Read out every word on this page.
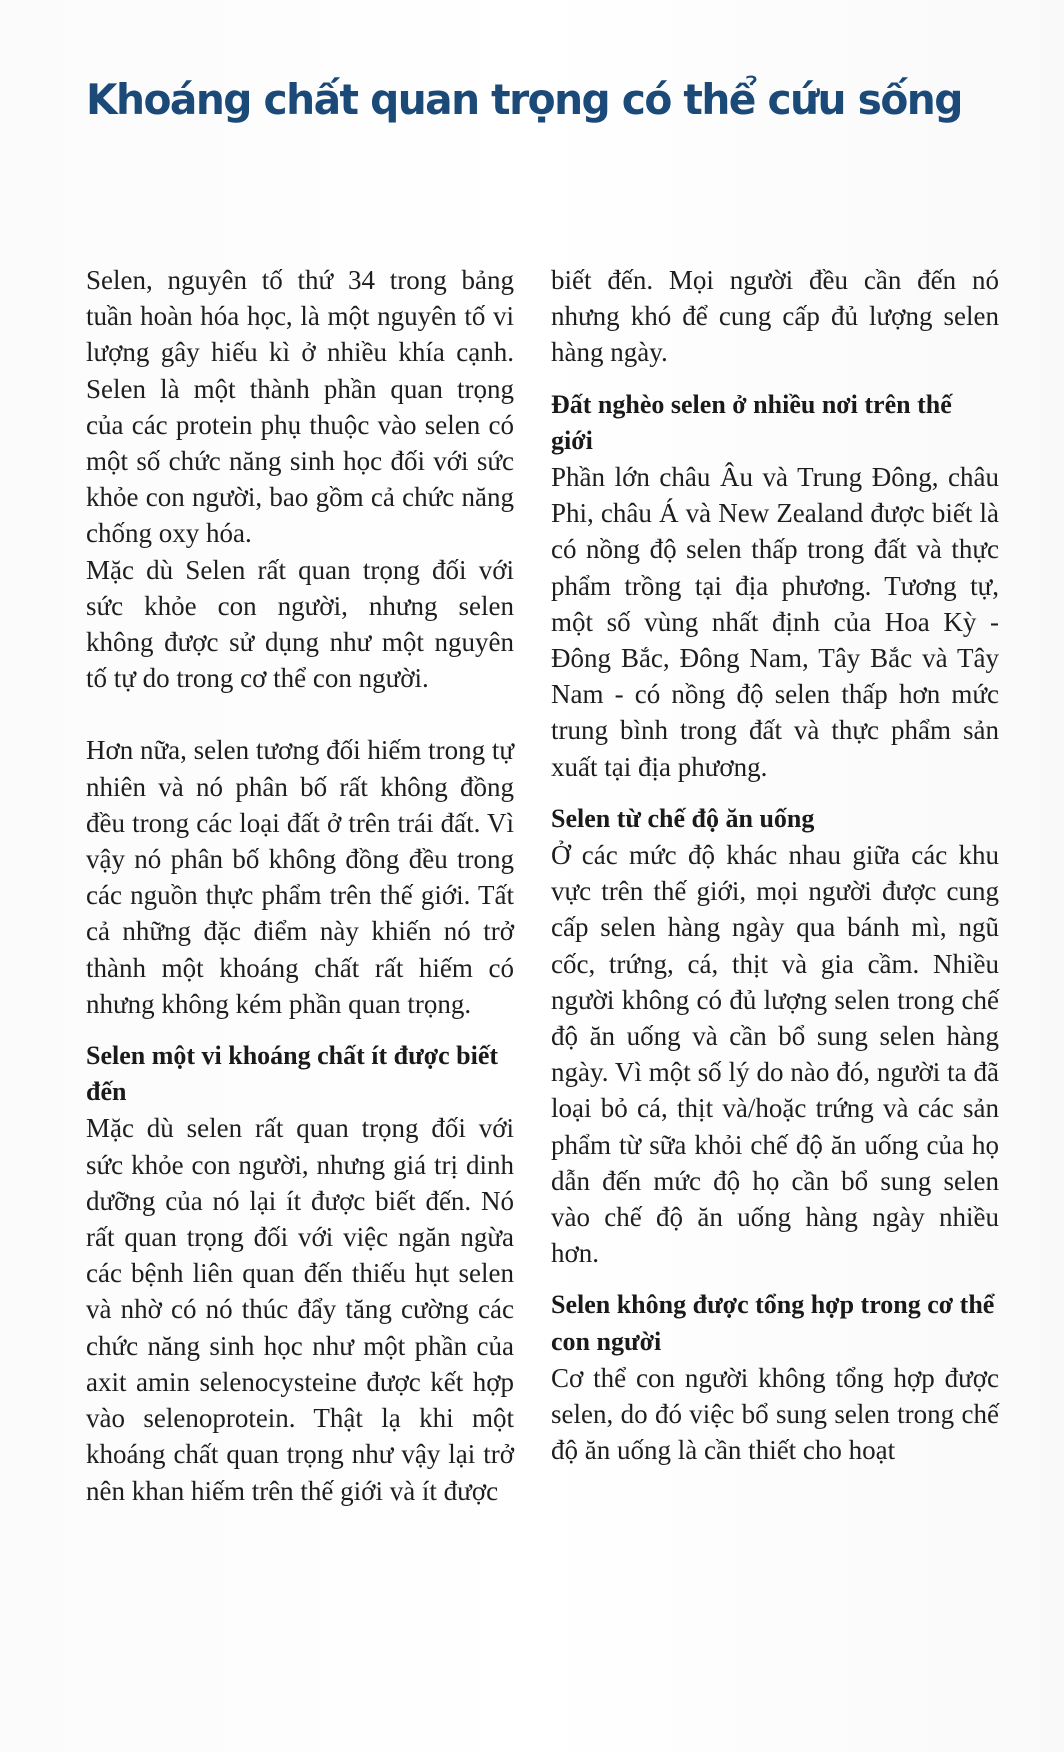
Khoáng chất quan trọng có thể cứu sống

Selen, nguyên tố thứ 34 trong bảng tuần hoàn hóa học, là một nguyên tố vi lượng gây hiếu kì ở nhiều khía cạnh. Selen là một thành phần quan trọng của các protein phụ thuộc vào selen có một số chức năng sinh học đối với sức khỏe con người, bao gồm cả chức năng chống oxy hóa.

Mặc dù Selen rất quan trọng đối với sức khỏe con người, nhưng selen không được sử dụng như một nguyên tố tự do trong cơ thể con người.

Hơn nữa, selen tương đối hiếm trong tự nhiên và nó phân bố rất không đồng đều trong các loại đất ở trên trái đất. Vì vậy nó phân bố không đồng đều trong các nguồn thực phẩm trên thế giới. Tất cả những đặc điểm này khiến nó trở thành một khoáng chất rất hiếm có nhưng không kém phần quan trọng.

Selen một vi khoáng chất ít được biết đến

Mặc dù selen rất quan trọng đối với sức khỏe con người, nhưng giá trị dinh dưỡng của nó lại ít được biết đến. Nó rất quan trọng đối với việc ngăn ngừa các bệnh liên quan đến thiếu hụt selen và nhờ có nó thúc đẩy tăng cường các chức năng sinh học như một phần của axit amin selenocysteine được kết hợp vào selenoprotein. Thật lạ khi một khoáng chất quan trọng như vậy lại trở nên khan hiếm trên thế giới và ít được

biết đến. Mọi người đều cần đến nó nhưng khó để cung cấp đủ lượng selen hàng ngày.

Đất nghèo selen ở nhiều nơi trên thế giới

Phần lớn châu Âu và Trung Đông, châu Phi, châu Á và New Zealand được biết là có nồng độ selen thấp trong đất và thực phẩm trồng tại địa phương. Tương tự, một số vùng nhất định của Hoa Kỳ - Đông Bắc, Đông Nam, Tây Bắc và Tây Nam - có nồng độ selen thấp hơn mức trung bình trong đất và thực phẩm sản xuất tại địa phương.

Selen từ chế độ ăn uống

Ở các mức độ khác nhau giữa các khu vực trên thế giới, mọi người được cung cấp selen hàng ngày qua bánh mì, ngũ cốc, trứng, cá, thịt và gia cầm. Nhiều người không có đủ lượng selen trong chế độ ăn uống và cần bổ sung selen hàng ngày. Vì một số lý do nào đó, người ta đã loại bỏ cá, thịt và/hoặc trứng và các sản phẩm từ sữa khỏi chế độ ăn uống của họ dẫn đến mức độ họ cần bổ sung selen vào chế độ ăn uống hàng ngày nhiều hơn.

Selen không được tổng hợp trong cơ thể con người

Cơ thể con người không tổng hợp được selen, do đó việc bổ sung selen trong chế độ ăn uống là cần thiết cho hoạt
